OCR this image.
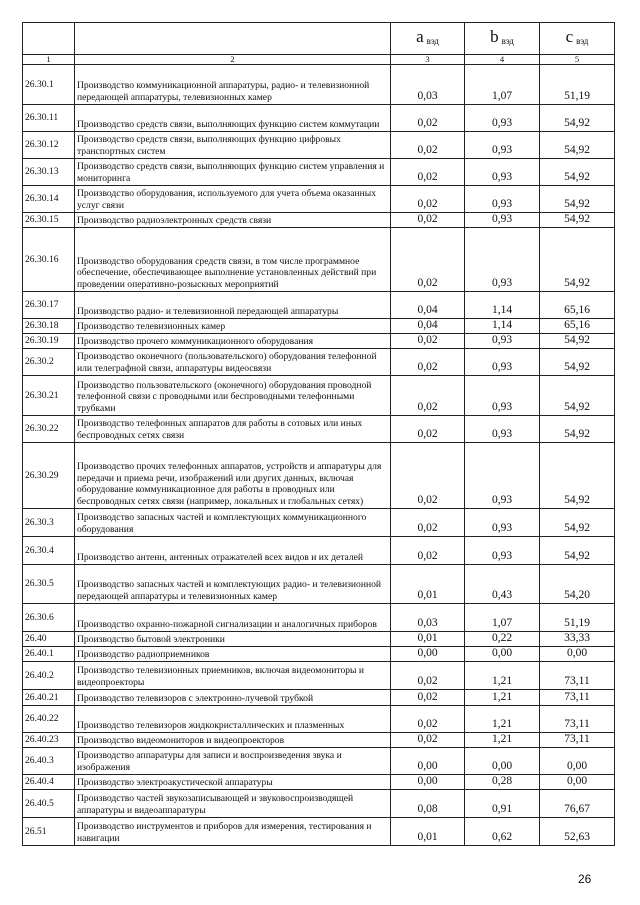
		a вэд	b вэд	c вэд
1	2	3	4	5
26.30.1	Производство коммуникационной аппаратуры, радио- и телевизионной передающей аппаратуры, телевизионных камер	0,03	1,07	51,19
26.30.11	Производство средств связи, выполняющих функцию систем коммутации	0,02	0,93	54,92
26.30.12	Производство средств связи, выполняющих функцию цифровых транспортных систем	0,02	0,93	54,92
26.30.13	Производство средств связи, выполняющих функцию систем управления и мониторинга	0,02	0,93	54,92
26.30.14	Производство оборудования, используемого для учета объема оказанных услуг связи	0,02	0,93	54,92
26.30.15	Производство радиоэлектронных средств связи	0,02	0,93	54,92
26.30.16	Производство оборудования средств связи, в том числе программное обеспечение, обеспечивающее выполнение установленных действий при проведении оперативно-розыскных мероприятий	0,02	0,93	54,92
26.30.17	Производство радио- и телевизионной передающей аппаратуры	0,04	1,14	65,16
26.30.18	Производство телевизионных камер	0,04	1,14	65,16
26.30.19	Производство прочего коммуникационного оборудования	0,02	0,93	54,92
26.30.2	Производство оконечного (пользовательского) оборудования телефонной или телеграфной связи, аппаратуры видеосвязи	0,02	0,93	54,92
26.30.21	Производство пользовательского (оконечного) оборудования проводной телефонной связи с проводными или беспроводными телефонными трубками	0,02	0,93	54,92
26.30.22	Производство телефонных аппаратов для работы в сотовых или иных беспроводных сетях связи	0,02	0,93	54,92
26.30.29	Производство прочих телефонных аппаратов, устройств и аппаратуры для передачи и приема речи, изображений или других данных, включая оборудование коммуникационное для работы в проводных или беспроводных сетях связи (например, локальных и глобальных сетях)	0,02	0,93	54,92
26.30.3	Производство запасных частей и комплектующих коммуникационного оборудования	0,02	0,93	54,92
26.30.4	Производство антенн, антенных отражателей всех видов и их деталей	0,02	0,93	54,92
26.30.5	Производство запасных частей и комплектующих радио- и телевизионной передающей аппаратуры и телевизионных камер	0,01	0,43	54,20
26.30.6	Производство охранно-пожарной сигнализации и аналогичных приборов	0,03	1,07	51,19
26.40	Производство бытовой электроники	0,01	0,22	33,33
26.40.1	Производство радиоприемников	0,00	0,00	0,00
26.40.2	Производство телевизионных приемников, включая видеомониторы и видеопроекторы	0,02	1,21	73,11
26.40.21	Производство телевизоров с электронно-лучевой трубкой	0,02	1,21	73,11
26.40.22	Производство телевизоров жидкокристаллических и плазменных	0,02	1,21	73,11
26.40.23	Производство видеомониторов и видеопроекторов	0,02	1,21	73,11
26.40.3	Производство аппаратуры для записи и воспроизведения звука и изображения	0,00	0,00	0,00
26.40.4	Производство электроакустической аппаратуры	0,00	0,28	0,00
26.40.5	Производство частей звукозаписывающей и звуковоспроизводящей аппаратуры и видеоаппаратуры	0,08	0,91	76,67
26.51	Производство инструментов и приборов для измерения, тестирования и навигации	0,01	0,62	52,63
26
